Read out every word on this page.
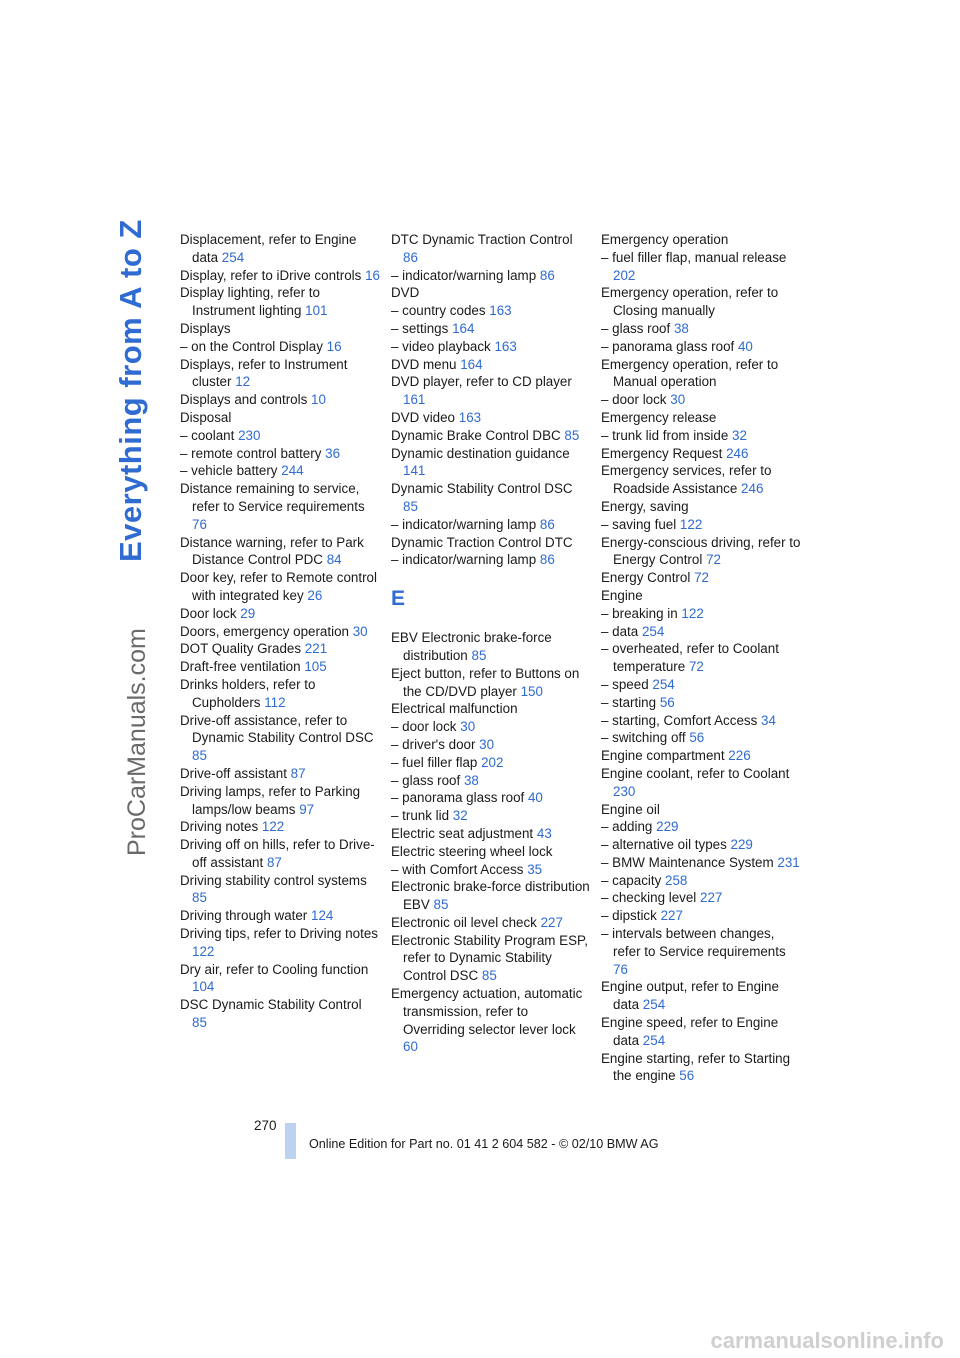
Everything from A to Z
ProCarManuals.com
Displacement, refer to Engine data 254
Display, refer to iDrive controls 16
Display lighting, refer to Instrument lighting 101
Displays
– on the Control Display 16
Displays, refer to Instrument cluster 12
Displays and controls 10
Disposal
– coolant 230
– remote control battery 36
– vehicle battery 244
Distance remaining to service, refer to Service requirements 76
Distance warning, refer to Park Distance Control PDC 84
Door key, refer to Remote control with integrated key 26
Door lock 29
Doors, emergency operation 30
DOT Quality Grades 221
Draft-free ventilation 105
Drinks holders, refer to Cupholders 112
Drive-off assistance, refer to Dynamic Stability Control DSC 85
Drive-off assistant 87
Driving lamps, refer to Parking lamps/low beams 97
Driving notes 122
Driving off on hills, refer to Drive-off assistant 87
Driving stability control systems 85
Driving through water 124
Driving tips, refer to Driving notes 122
Dry air, refer to Cooling function 104
DSC Dynamic Stability Control 85
DTC Dynamic Traction Control 86
– indicator/warning lamp 86
DVD
– country codes 163
– settings 164
– video playback 163
DVD menu 164
DVD player, refer to CD player 161
DVD video 163
Dynamic Brake Control DBC 85
Dynamic destination guidance 141
Dynamic Stability Control DSC 85
– indicator/warning lamp 86
Dynamic Traction Control DTC
– indicator/warning lamp 86
E
EBV Electronic brake-force distribution 85
Eject button, refer to Buttons on the CD/DVD player 150
Electrical malfunction
– door lock 30
– driver's door 30
– fuel filler flap 202
– glass roof 38
– panorama glass roof 40
– trunk lid 32
Electric seat adjustment 43
Electric steering wheel lock
– with Comfort Access 35
Electronic brake-force distribution EBV 85
Electronic oil level check 227
Electronic Stability Program ESP, refer to Dynamic Stability Control DSC 85
Emergency actuation, automatic transmission, refer to Overriding selector lever lock 60
Emergency operation
– fuel filler flap, manual release 202
Emergency operation, refer to Closing manually
– glass roof 38
– panorama glass roof 40
Emergency operation, refer to Manual operation
– door lock 30
Emergency release
– trunk lid from inside 32
Emergency Request 246
Emergency services, refer to Roadside Assistance 246
Energy, saving
– saving fuel 122
Energy-conscious driving, refer to Energy Control 72
Energy Control 72
Engine
– breaking in 122
– data 254
– overheated, refer to Coolant temperature 72
– speed 254
– starting 56
– starting, Comfort Access 34
– switching off 56
Engine compartment 226
Engine coolant, refer to Coolant 230
Engine oil
– adding 229
– alternative oil types 229
– BMW Maintenance System 231
– capacity 258
– checking level 227
– dipstick 227
– intervals between changes, refer to Service requirements 76
Engine output, refer to Engine data 254
Engine speed, refer to Engine data 254
Engine starting, refer to Starting the engine 56
270
Online Edition for Part no. 01 41 2 604 582 - © 02/10 BMW AG
carmanualsonline.info
